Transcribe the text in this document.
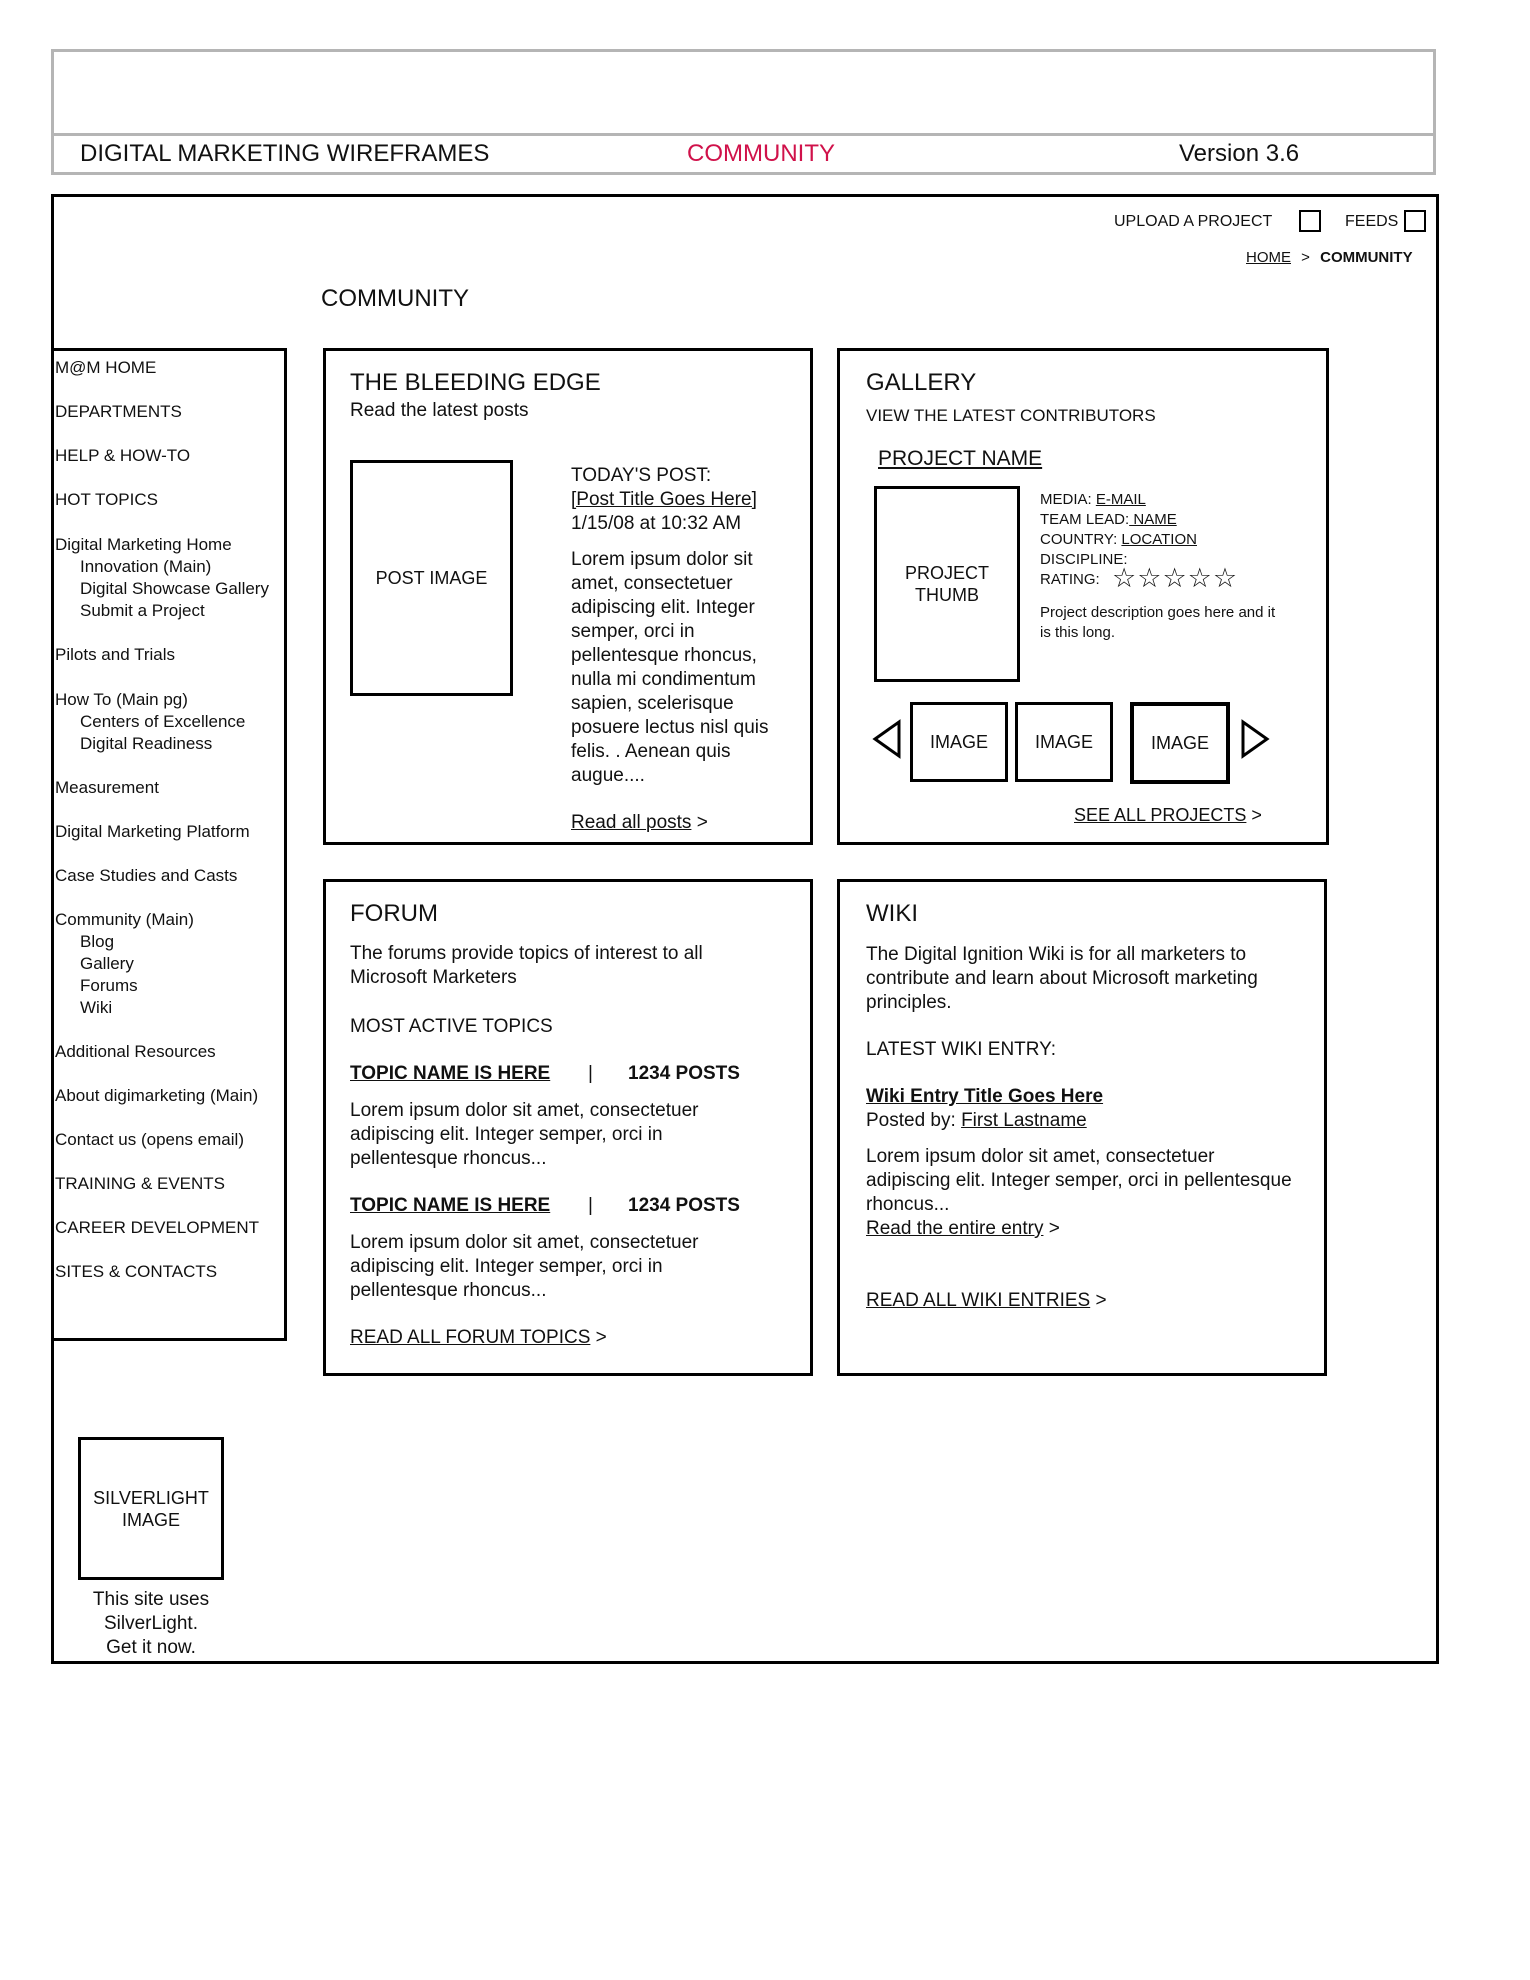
DIGITAL MARKETING WIREFRAMES	COMMUNITY	Version 3.6
UPLOAD A PROJECT	FEEDS
HOME > COMMUNITY
COMMUNITY
M@M HOME
DEPARTMENTS
HELP & HOW-TO
HOT TOPICS
Digital Marketing Home
Innovation (Main)
Digital Showcase Gallery
Submit a Project
Pilots and Trials
How To (Main pg)
Centers of Excellence
Digital Readiness
Measurement
Digital Marketing Platform
Case Studies and Casts
Community (Main)
Blog
Gallery
Forums
Wiki
Additional Resources
About digimarketing (Main)
Contact us (opens email)
TRAINING & EVENTS
CAREER DEVELOPMENT
SITES & CONTACTS
THE BLEEDING EDGE
Read the latest posts
POST IMAGE
TODAY'S POST:
[Post Title Goes Here]
1/15/08 at 10:32 AM
Lorem ipsum dolor sit amet, consectetuer adipiscing elit. Integer semper, orci in pellentesque rhoncus, nulla mi condimentum sapien, scelerisque posuere lectus nisl quis felis. . Aenean quis augue....
Read all posts >
GALLERY
VIEW THE LATEST CONTRIBUTORS
PROJECT NAME
PROJECT THUMB
MEDIA: E-MAIL
TEAM LEAD: NAME
COUNTRY: LOCATION
DISCIPLINE:
RATING: ☆☆☆☆☆
Project description goes here and it is this long.
IMAGE	IMAGE	IMAGE
SEE ALL PROJECTS >
FORUM
The forums provide topics of interest to all Microsoft Marketers
MOST ACTIVE TOPICS
TOPIC NAME IS HERE | 1234 POSTS
Lorem ipsum dolor sit amet, consectetuer adipiscing elit. Integer semper, orci in pellentesque rhoncus...
TOPIC NAME IS HERE | 1234 POSTS
Lorem ipsum dolor sit amet, consectetuer adipiscing elit. Integer semper, orci in pellentesque rhoncus...
READ ALL FORUM TOPICS >
WIKI
The Digital Ignition Wiki is for all marketers to contribute and learn about Microsoft marketing principles.
LATEST WIKI ENTRY:
Wiki Entry Title Goes Here
Posted by: First Lastname
Lorem ipsum dolor sit amet, consectetuer adipiscing elit. Integer semper, orci in pellentesque rhoncus...
Read the entire entry >
READ ALL WIKI ENTRIES >
SILVERLIGHT IMAGE
This site uses
SilverLight.
Get it now.
